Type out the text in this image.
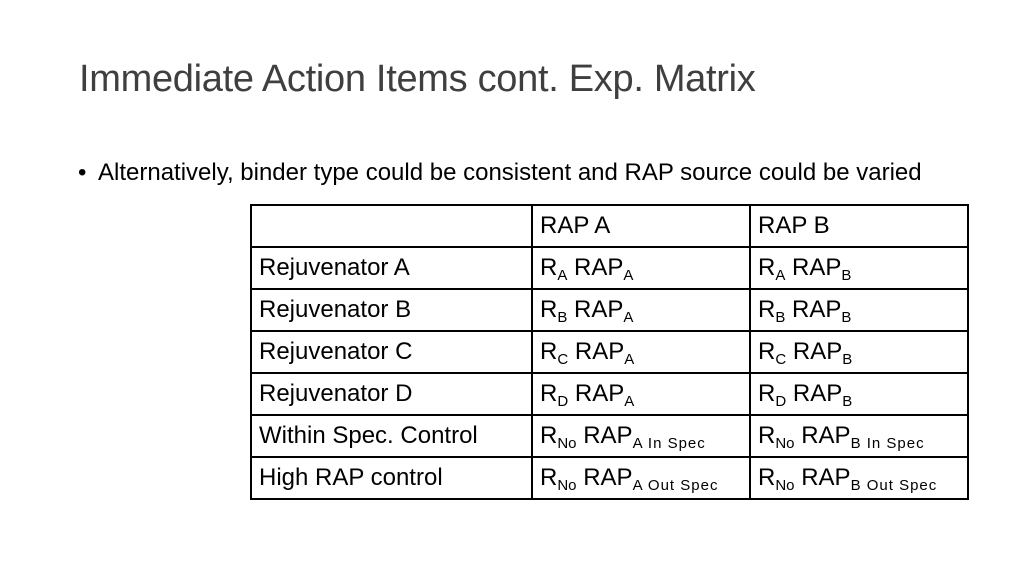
Immediate Action Items cont. Exp. Matrix
• Alternatively, binder type could be consistent and RAP source could be varied
	RAP A	RAP B
Rejuvenator A	$R_A$ $RAP_A$	$R_A$ $RAP_B$
Rejuvenator B	$R_B$ $RAP_A$	$R_B$ $RAP_B$
Rejuvenator C	$R_C$ $RAP_A$	$R_C$ $RAP_B$
Rejuvenator D	$R_D$ $RAP_A$	$R_D$ $RAP_B$
Within Spec. Control	$R_{No}$ $RAP_{A In Spec}$	$R_{No}$ $RAP_{B In Spec}$
High RAP control	$R_{No}$ $RAP_{A Out Spec}$	$R_{No}$ $RAP_{B Out Spec}$
